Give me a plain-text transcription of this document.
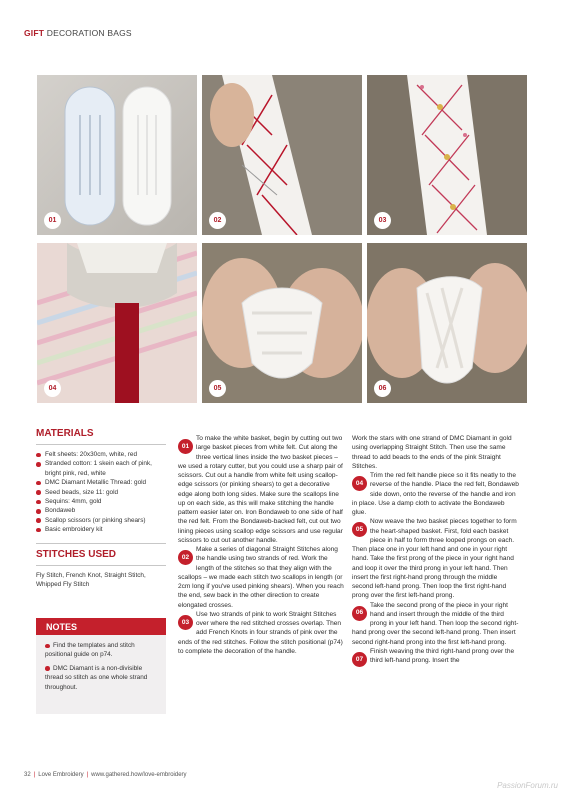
GIFT DECORATION BAGS
01	02	03
04	05	06
MATERIALS
Felt sheets: 20x30cm, white, red
Stranded cotton: 1 skein each of pink, bright pink, red, white
DMC Diamant Metallic Thread: gold
Seed beads, size 11: gold
Sequins: 4mm, gold
Bondaweb
Scallop scissors (or pinking shears)
Basic embroidery kit
STITCHES USED
Fly Stitch, French Knot, Straight Stitch, Whipped Fly Stitch
NOTES
Find the templates and stitch positional guide on p74.
DMC Diamant is a non-divisible thread so stitch as one whole strand throughout.

01
To make the white basket, begin by cutting out two large basket pieces from white felt. Cut along the three vertical lines inside the two basket pieces – we used a rotary cutter, but you could use a sharp pair of scissors. Cut out a handle from white felt using scallop-edge scissors (or pinking shears) to get a decorative edge along both long sides. Make sure the scallops line up on each side, as this will make stitching the handle pattern easier later on. Iron Bondaweb to one side of half the red felt. From the Bondaweb-backed felt, cut out two lining pieces using scallop edge scissors and use regular scissors to cut out another handle.

02
Make a series of diagonal Straight Stitches along the handle using two strands of red. Work the length of the stitches so that they align with the scallops – we made each stitch two scallops in length (or 2cm long if you've used pinking shears). When you reach the end, sew back in the other direction to create elongated crosses.

03
Use two strands of pink to work Straight Stitches over where the red stitched crosses overlap. Then add French Knots in four strands of pink over the ends of the red stitches. Follow the stitch positional (p74) to complete the decoration of the handle.

Work the stars with one strand of DMC Diamant in gold using overlapping Straight Stitch. Then use the same thread to add beads to the ends of the pink Straight Stitches.

04
Trim the red felt handle piece so it fits neatly to the reverse of the handle. Place the red felt, Bondaweb side down, onto the reverse of the handle and iron in place. Use a damp cloth to activate the Bondaweb glue.

05
Now weave the two basket pieces together to form the heart-shaped basket. First, fold each basket piece in half to form three looped prongs on each. Then place one in your left hand and one in your right hand. Take the first prong of the piece in your right hand and loop it over the third prong in your left hand. Then insert the first right-hand prong through the middle second left-hand prong. Then loop the first right-hand prong over the first left-hand prong.

06
Take the second prong of the piece in your right hand and insert through the middle of the third prong in your left hand. Then loop the second right-hand prong over the second left-hand prong. Then insert second right-hand prong into the first left-hand prong.

07
Finish weaving the third right-hand prong over the third left-hand prong. Insert the

32 | Love Embroidery | www.gathered.how/love-embroidery
PassionForum.ru
